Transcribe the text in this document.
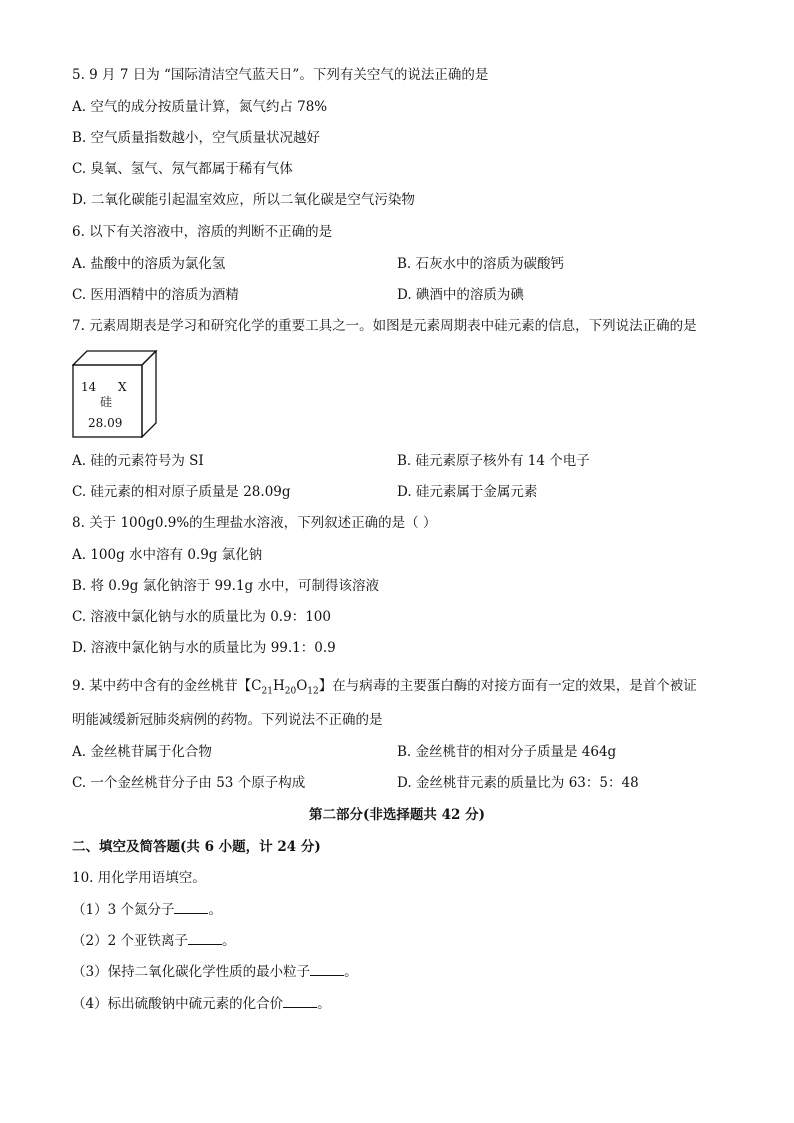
5. 9 月 7 日为 “国际清洁空气蓝天日”。下列有关空气的说法正确的是
A. 空气的成分按质量计算，氮气约占 78%
B. 空气质量指数越小，空气质量状况越好
C. 臭氧、氢气、氖气都属于稀有气体
D. 二氧化碳能引起温室效应，所以二氧化碳是空气污染物
6. 以下有关溶液中，溶质的判断不正确的是
A. 盐酸中的溶质为氯化氢	B. 石灰水中的溶质为碳酸钙
C. 医用酒精中的溶质为酒精	D. 碘酒中的溶质为碘
7. 元素周期表是学习和研究化学的重要工具之一。如图是元素周期表中硅元素的信息，下列说法正确的是
14 X
硅
28.09
A. 硅的元素符号为 SI	B. 硅元素原子核外有 14 个电子
C. 硅元素的相对原子质量是 28.09g	D. 硅元素属于金属元素
8. 关于 100g0.9%的生理盐水溶液，下列叙述正确的是（ ）
A. 100g 水中溶有 0.9g 氯化钠
B. 将 0.9g 氯化钠溶于 99.1g 水中，可制得该溶液
C. 溶液中氯化钠与水的质量比为 0.9：100
D. 溶液中氯化钠与水的质量比为 99.1：0.9
9. 某中药中含有的金丝桃苷【$C_{21}H_{20}O_{12}$】在与病毒的主要蛋白酶的对接方面有一定的效果，是首个被证
明能减缓新冠肺炎病例的药物。下列说法不正确的是
A. 金丝桃苷属于化合物	B. 金丝桃苷的相对分子质量是 464g
C. 一个金丝桃苷分子由 53 个原子构成	D. 金丝桃苷元素的质量比为 63：5：48
第二部分(非选择题共 42 分)
二、填空及简答题(共 6 小题，计 24 分)
10. 用化学用语填空。
（1）3 个氮分子	。
（2）2 个亚铁离子	。
（3）保持二氧化碳化学性质的最小粒子	。
（4）标出硫酸钠中硫元素的化合价	。
